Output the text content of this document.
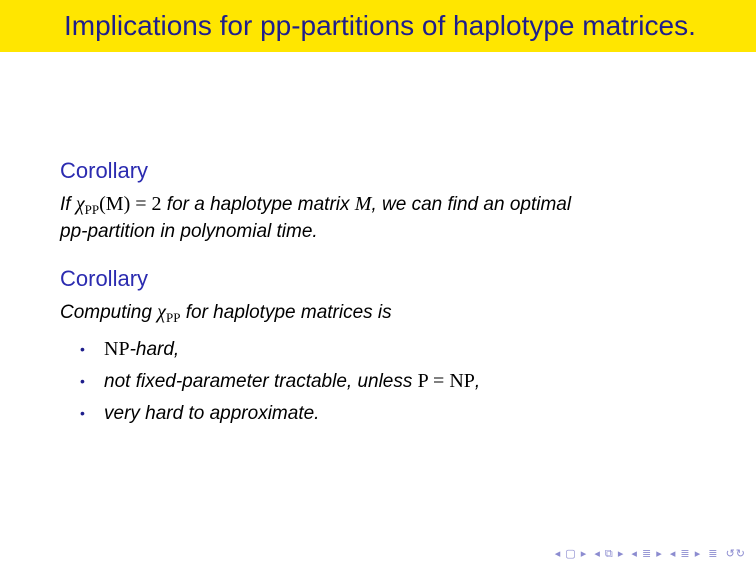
Implications for pp-partitions of haplotype matrices.
Corollary
If $\chi_{PP}(M) = 2$ for a haplotype matrix M, we can find an optimal
pp-partition in polynomial time.
Corollary
Computing $\chi_{PP}$ for haplotype matrices is
• NP-hard,
• not fixed-parameter tractable, unless P = NP,
• very hard to approximate.
◂ ▢ ▸ ◂ ⧉ ▸ ◂ ≣ ▸ ◂ ≣ ▸ ≣ ↺↻
